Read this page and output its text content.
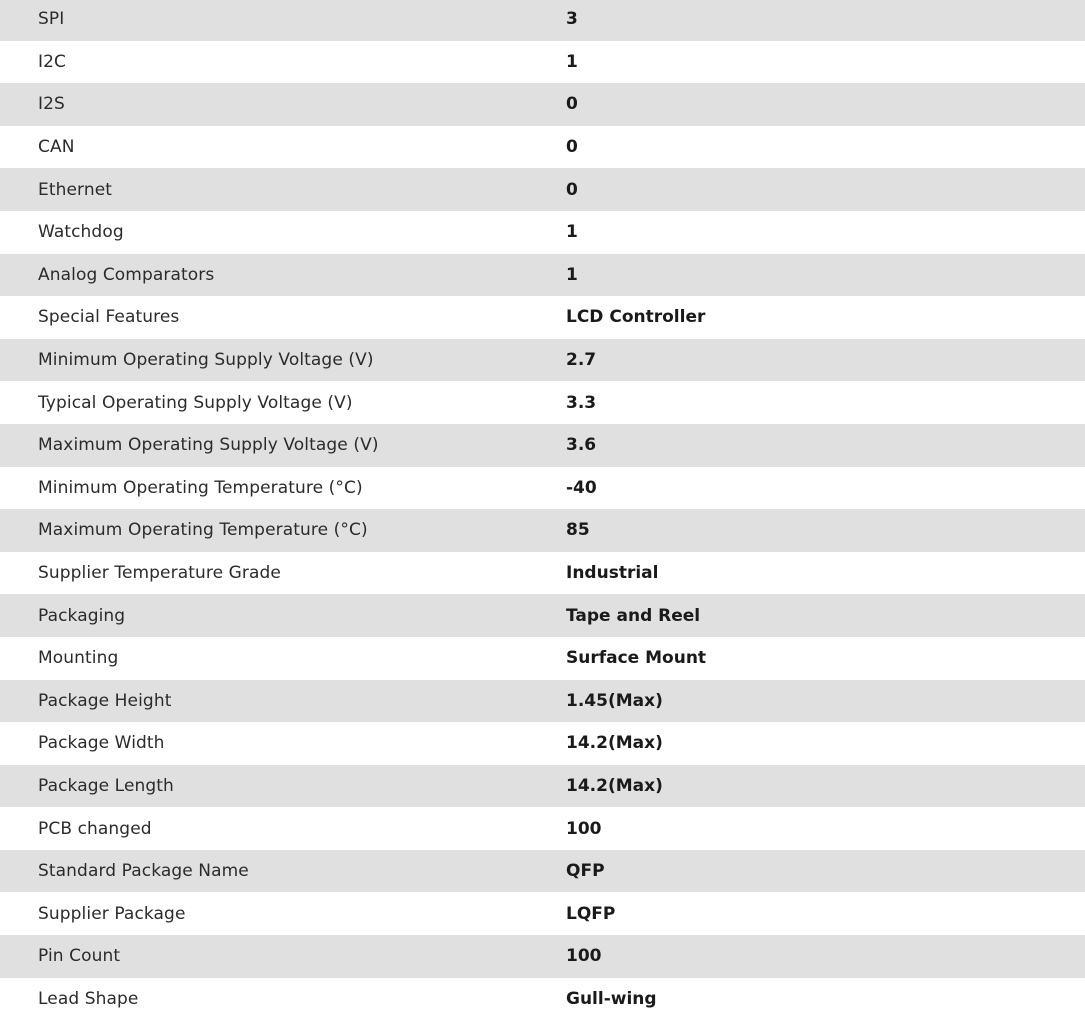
SPI	3
I2C	1
I2S	0
CAN	0
Ethernet	0
Watchdog	1
Analog Comparators	1
Special Features	LCD Controller
Minimum Operating Supply Voltage (V)	2.7
Typical Operating Supply Voltage (V)	3.3
Maximum Operating Supply Voltage (V)	3.6
Minimum Operating Temperature (°C)	-40
Maximum Operating Temperature (°C)	85
Supplier Temperature Grade	Industrial
Packaging	Tape and Reel
Mounting	Surface Mount
Package Height	1.45(Max)
Package Width	14.2(Max)
Package Length	14.2(Max)
PCB changed	100
Standard Package Name	QFP
Supplier Package	LQFP
Pin Count	100
Lead Shape	Gull-wing
